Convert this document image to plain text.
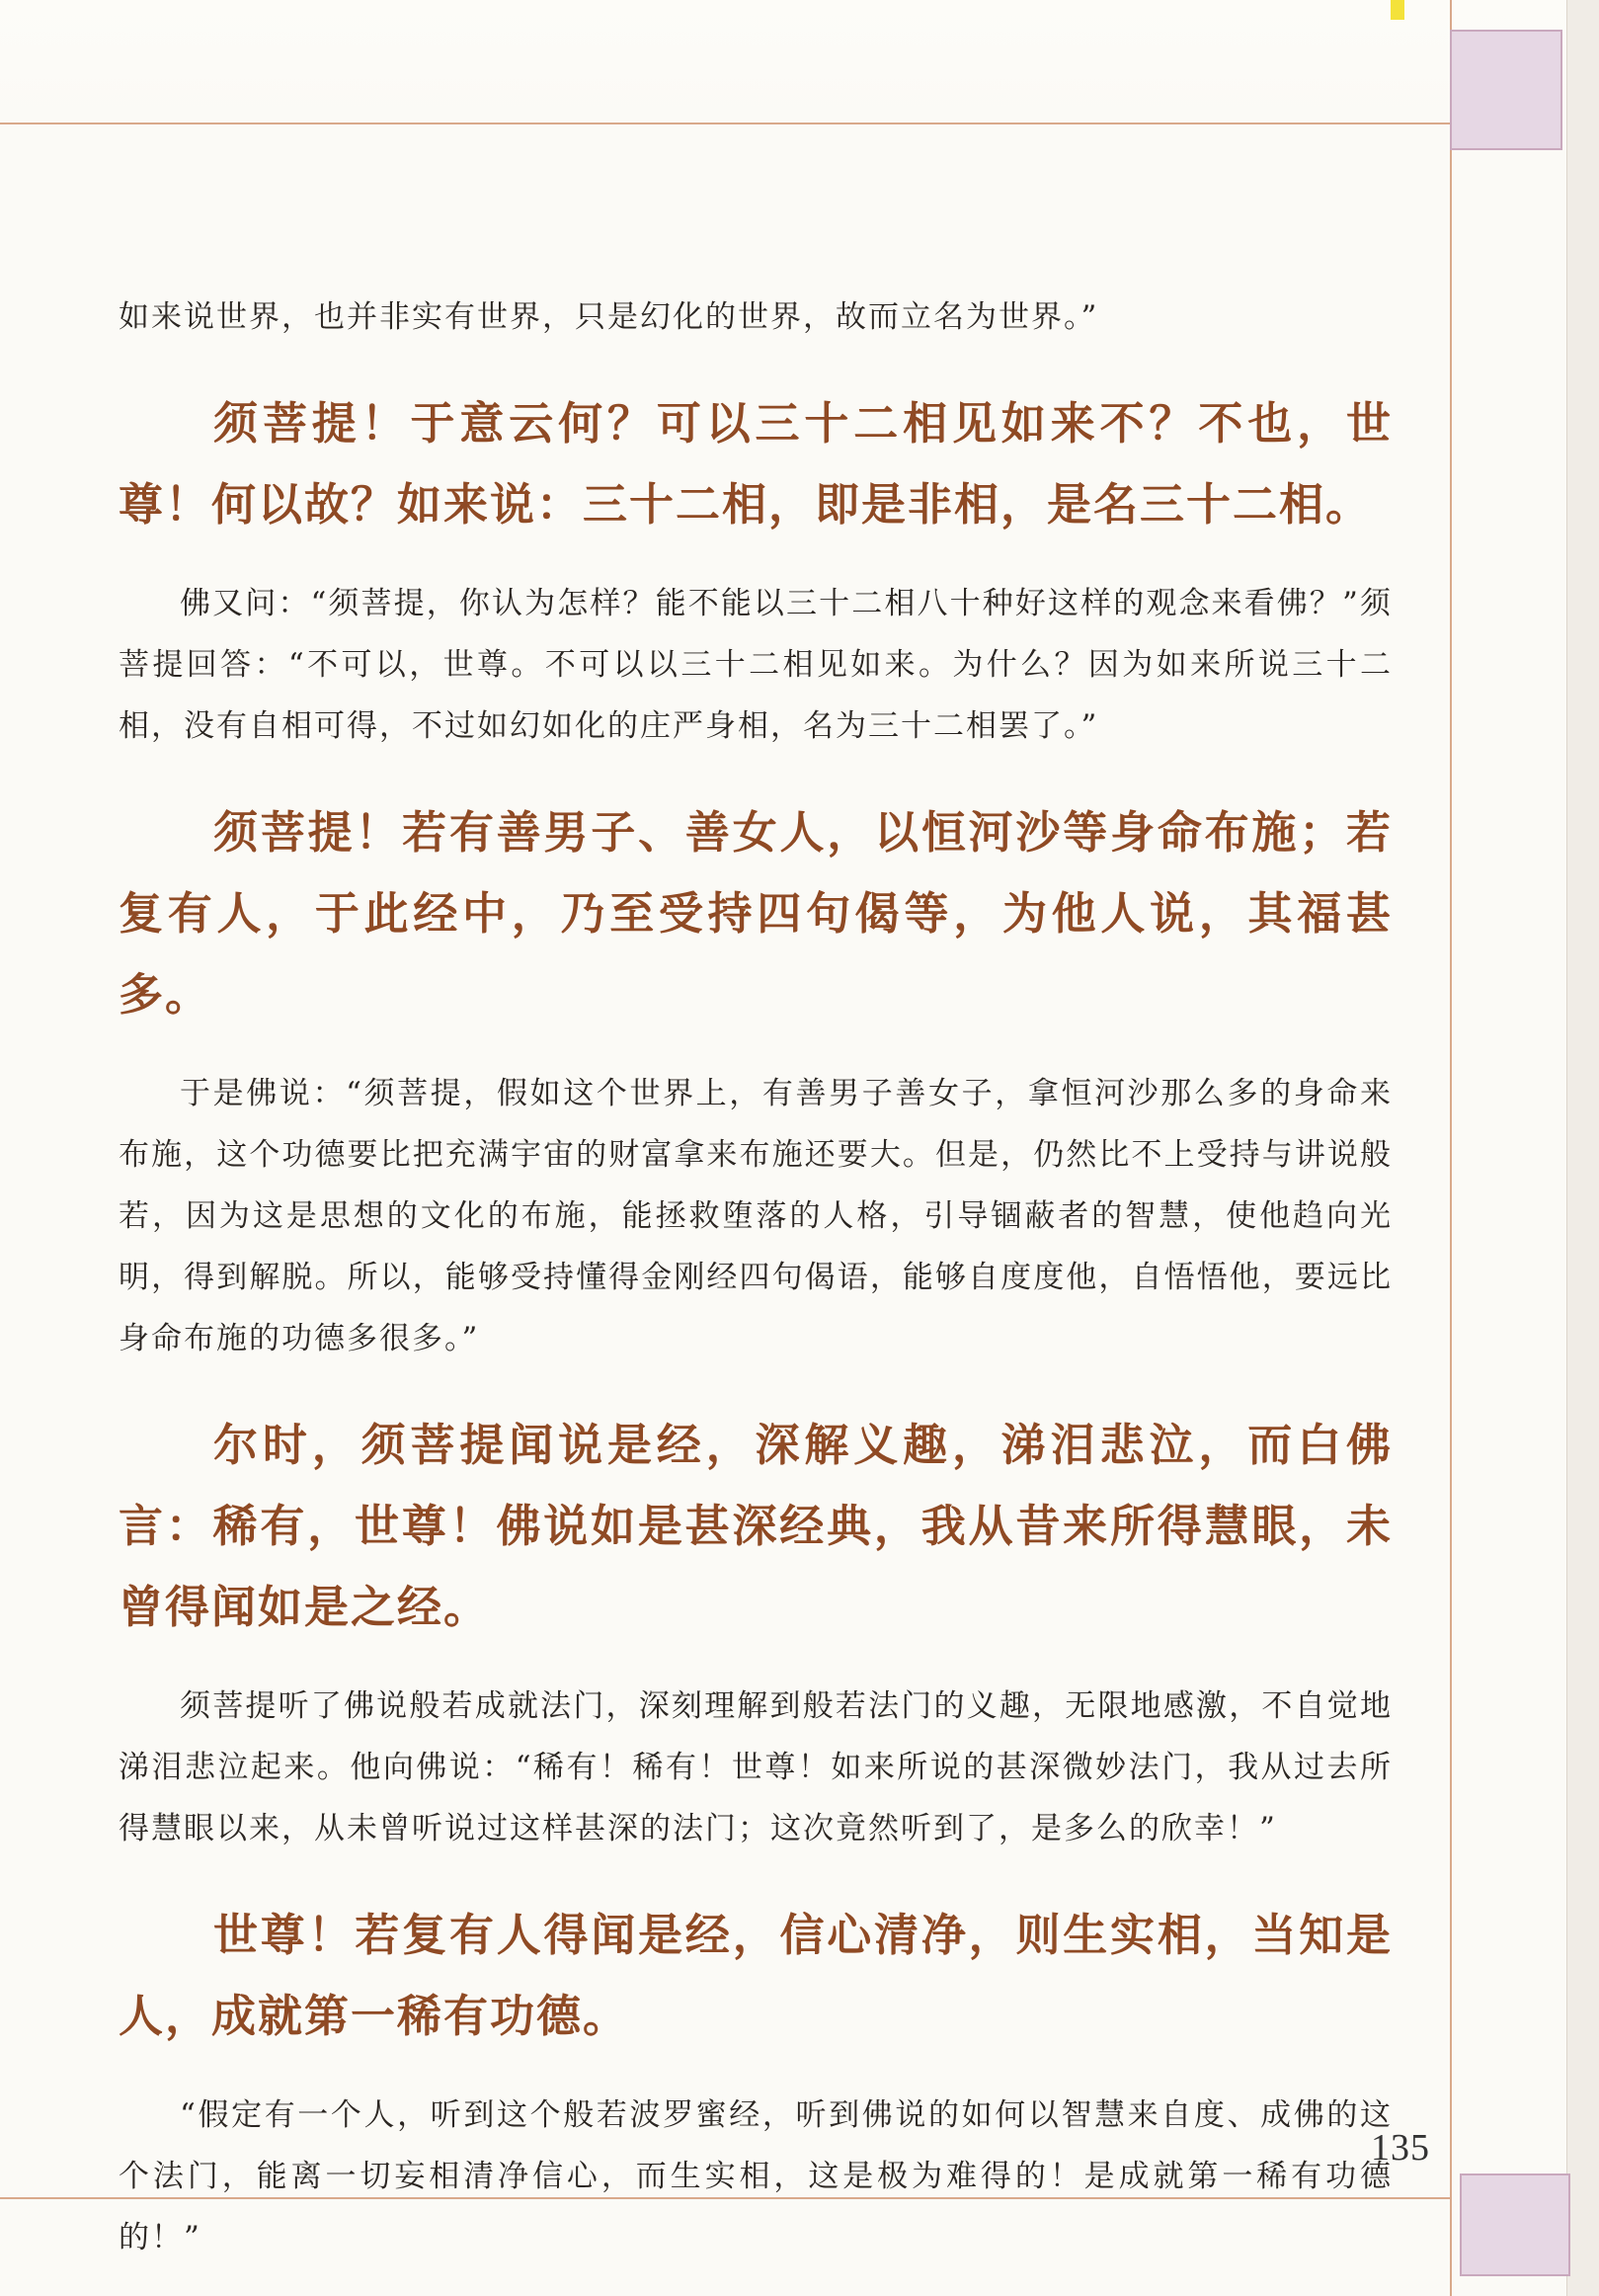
如来说世界，也并非实有世界，只是幻化的世界，故而立名为世界。”

须菩提！于意云何？可以三十二相见如来不？不也，世尊！何以故？如来说：三十二相，即是非相，是名三十二相。

佛又问：“须菩提，你认为怎样？能不能以三十二相八十种好这样的观念来看佛？”须菩提回答：“不可以，世尊。不可以以三十二相见如来。为什么？因为如来所说三十二相，没有自相可得，不过如幻如化的庄严身相，名为三十二相罢了。”

须菩提！若有善男子、善女人，以恒河沙等身命布施；若复有人，于此经中，乃至受持四句偈等，为他人说，其福甚多。

于是佛说：“须菩提，假如这个世界上，有善男子善女子，拿恒河沙那么多的身命来布施，这个功德要比把充满宇宙的财富拿来布施还要大。但是，仍然比不上受持与讲说般若，因为这是思想的文化的布施，能拯救堕落的人格，引导锢蔽者的智慧，使他趋向光明，得到解脱。所以，能够受持懂得金刚经四句偈语，能够自度度他，自悟悟他，要远比身命布施的功德多很多。”

尔时，须菩提闻说是经，深解义趣，涕泪悲泣，而白佛言：稀有，世尊！佛说如是甚深经典，我从昔来所得慧眼，未曾得闻如是之经。

须菩提听了佛说般若成就法门，深刻理解到般若法门的义趣，无限地感激，不自觉地涕泪悲泣起来。他向佛说：“稀有！稀有！世尊！如来所说的甚深微妙法门，我从过去所得慧眼以来，从未曾听说过这样甚深的法门；这次竟然听到了，是多么的欣幸！”

世尊！若复有人得闻是经，信心清净，则生实相，当知是人，成就第一稀有功德。

“假定有一个人，听到这个般若波罗蜜经，听到佛说的如何以智慧来自度、成佛的这个法门，能离一切妄相清净信心，而生实相，这是极为难得的！是成就第一稀有功德的！”

135
